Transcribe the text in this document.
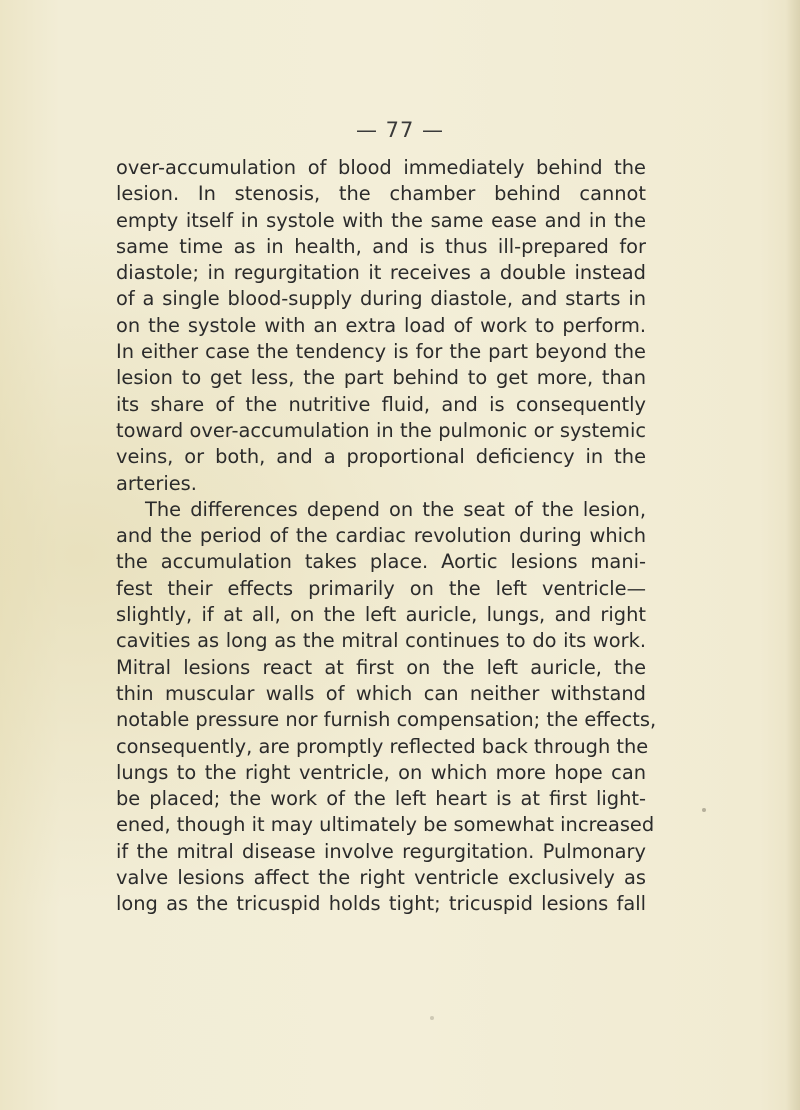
— 77 —
over-accumulation of blood immediately behind the
lesion. In stenosis, the chamber behind cannot
empty itself in systole with the same ease and in the
same time as in health, and is thus ill-prepared for
diastole; in regurgitation it receives a double instead
of a single blood-supply during diastole, and starts in
on the systole with an extra load of work to perform.
In either case the tendency is for the part beyond the
lesion to get less, the part behind to get more, than
its share of the nutritive fluid, and is consequently
toward over-accumulation in the pulmonic or systemic
veins, or both, and a proportional deficiency in the
arteries.
The differences depend on the seat of the lesion,
and the period of the cardiac revolution during which
the accumulation takes place. Aortic lesions mani-
fest their effects primarily on the left ventricle—
slightly, if at all, on the left auricle, lungs, and right
cavities as long as the mitral continues to do its work.
Mitral lesions react at first on the left auricle, the
thin muscular walls of which can neither withstand
notable pressure nor furnish compensation; the effects,
consequently, are promptly reflected back through the
lungs to the right ventricle, on which more hope can
be placed; the work of the left heart is at first light-
ened, though it may ultimately be somewhat increased
if the mitral disease involve regurgitation. Pulmonary
valve lesions affect the right ventricle exclusively as
long as the tricuspid holds tight; tricuspid lesions fall
